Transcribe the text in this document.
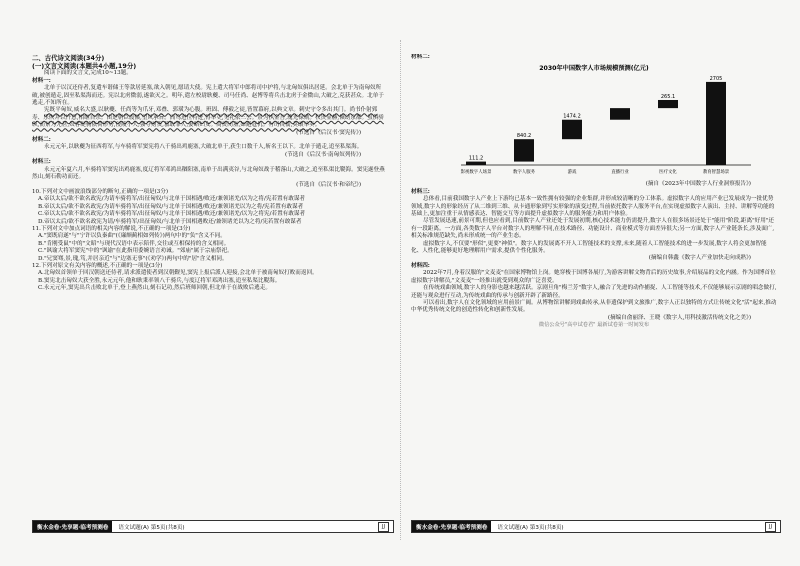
二、古代诗文阅读(34分)

(一)文言文阅读(本题共4小题,19分)

阅读下面的文言文,完成10~13题。

材料一:

北单于以汉还侍者,复遣车谐储王等款居延塞,欲入朝见,愿请大使。宪上遣大将军中郎将司中护将,与北匈奴俱出居延。会北单于为南匈奴所破,被创遁走,固至私渠海而还。宪以北虏微弱,遂欲灭之。明年,遣左校尉耿夔、司马任尚、赵博等将兵击北虏于金微山,大破之,克获甚众。北单于逃走,不知所在。

宪既平匈奴,威名大盛,以耿夔、任尚等为爪牙,邓叠、郭璜为心腹。班固、傅毅之徒,皆置幕府,以典文章。刺史守令多出其门。尚书仆射郅寿、乐恢并以忤意,相继自杀。由是朝臣震慑,望风承旨。而笃进位特进,得举吏,见礼依三公。景为执金吾,瑰光禄勋。权贵显赫,倾动京都。虽俱骄纵,而景为尤甚,奴客缇骑依倚形势,侵陵小人,强夺财货,篡取罪人,妻略妇女。商贾闭塞,如避寇仇。有司畏懦,莫敢举奏。

(节选自《后汉书·窦宪传》)

材料二:

永元元年,以耿夔为征西将军,与车骑将军窦宪将八千骑出鸡鹿塞,大破北单于,获生口数千人,斩名王以下。北单于遁走,追至私渠海。

(节选自《后汉书·南匈奴列传》)

材料三:

永元元年夏六月,车骑将军窦宪出鸡鹿塞,度辽将军邓鸿出稒阳塞,南单于出满夷谷,与北匈奴战于稽落山,大破之,追至私渠比鞮海。窦宪遂登燕然山,刻石勒功而还。

(节选自《后汉书·和帝纪》)

10.下列对文中画波浪线部分的断句,正确的一项是(3分)

A.帝以太后/欲不欲名政宪/为请车骑将军/出征匈奴/与北单于国相遇/败还/兼领诸羌/以为之将/宪若置有敢谋者

B.帝以太后/欲不欲名政宪/为请车骑将军/出征匈奴/与北单于国相遇/败还/兼领诸羌以为之将/宪若置有敢谋者

C.帝以太后/欲不欲名政宪/为请车骑将军/出征匈奴/与北单于国相遇/败还/兼领诸羌/以为之将宪/若置有敢谋者

D.帝以太后/欲不欲名政宪为请/车骑将军/出征匈奴/与北单于国相遇败还/兼领诸羌以为之将/宪若置有敢谋者

11.下列对文中加点词语的相关内容的解说,不正确的一项是(3分)

A."窦既肩遂"与"宁许以负秦曲"(《廉颇蔺相如列传》)两句中的"负"含义不同。

B."肯刚受鼠"中的"文昭"与现代汉语中表示陪伴,交往或互相保持的含义相同。

C."讽谕大将军窦宪"中的"讽谕"在此指用委婉语言劝诫。"郊庙"属于宗庙祭祀。

D."兄窦骞,景,瑰,笃,并居亲近"与"边塞无事"(《劝学》)两句中的"居"含义相同。

12.下列对原文有关内容的概述,不正确的一项是(3分)

A.北匈奴首领单于回汉朝送还侍者,请求派遣使者到汉朝觐见,窦宪上报后派人迎接,会北单于被南匈奴打败而返回。

B.窦宪北击匈奴大获全胜,永元元年,他和耿秉率领八千骑兵,与度辽将军邓鸿出塞,追至私渠比鞮海。

C.永元元年,窦宪出兵击败北单于,登上燕然山,刻石记功,然后班师回朝,但北单于在战败后逃走。

衡水金卷·先享题·临考预测卷	语文试题(A) 第5页(共8页)	JJ

材料二:

2030年中国数字人市场规模预测(亿元)
111.2
840.2
1474.2
265.1
2705
影视数字人场景	数字人服务	游戏	直播行业	医疗文化	教育智慧场景

(摘自《2023年中国数字人行业洞察报告》)

材料三:

总体看,目前我国数字人产业上下游均已基本一致性拥有较强的企业集群,并形成较清晰的分工体系。虚拟数字人的应用产业已发展成为一批优势领域,数字人的形象经历了从二维到三维、从卡通形象到写实形象的演变过程,当前依托数字人服务平台,在实现虚拟数字人演出、主持、讲解等功能的基础上,更加注重于从情感表达、智能交互等方面提升虚拟数字人的服务能力和用户体验。

尽管发展迅速,前景可期,但也应看到,目前数字人产业还处于发展初期,核心技术能力仍需提升,数字人在很多场景还处于"能用"阶段,距离"好用"还有一段距离。一方面,各类数字人平台对数字人的理解不同,在技术路径、功能设计、商业模式等方面差异很大;另一方面,数字人产业链条长,涉及面广,相关标准规范缺失,尚未形成统一的产业生态。

虚拟数字人,不仅要"形似",更要"神似"。数字人的发展离不开人工智能技术的支撑,未来,随着人工智能技术的进一步发展,数字人将会更加智能化、人性化,能够更好地理解用户需求,提供个性化服务。

(摘编自韩鑫《数字人产业加快走向成熟》)

材料四:

2022年7月,身着汉服的"文麦麦"在国家博物馆上岗。她穿梭于国博各展厅,为游客讲解文物背后的历史故事,介绍展品的文化内涵。作为国博首位虚拟数字讲解员,"文麦麦"一经推出就受到观众的广泛喜爱。

在传统戏曲领域,数字人的身影也越来越活跃。京剧旦角"梅兰芳"数字人,融合了先进的动作捕捉、人工智能等技术,不仅能够展示京剧的唱念做打,还能与观众进行互动,为传统戏曲的传承与创新开辟了新路径。

可以看出,数字人在文化领域的应用前景广阔。从博物馆讲解到戏曲传承,从非遗保护到文旅推广,数字人正以独特的方式让传统文化"活"起来,推动中华优秀传统文化的创造性转化和创新性发展。

(摘编自俞丽泽、王晓《数字人,用科技激活传统文化之美》)

微信公众号"高中试卷君" 最新试卷第一时间发布

衡水金卷·先享题·临考预测卷	语文试题(A) 第3页(共8页)	JJ
